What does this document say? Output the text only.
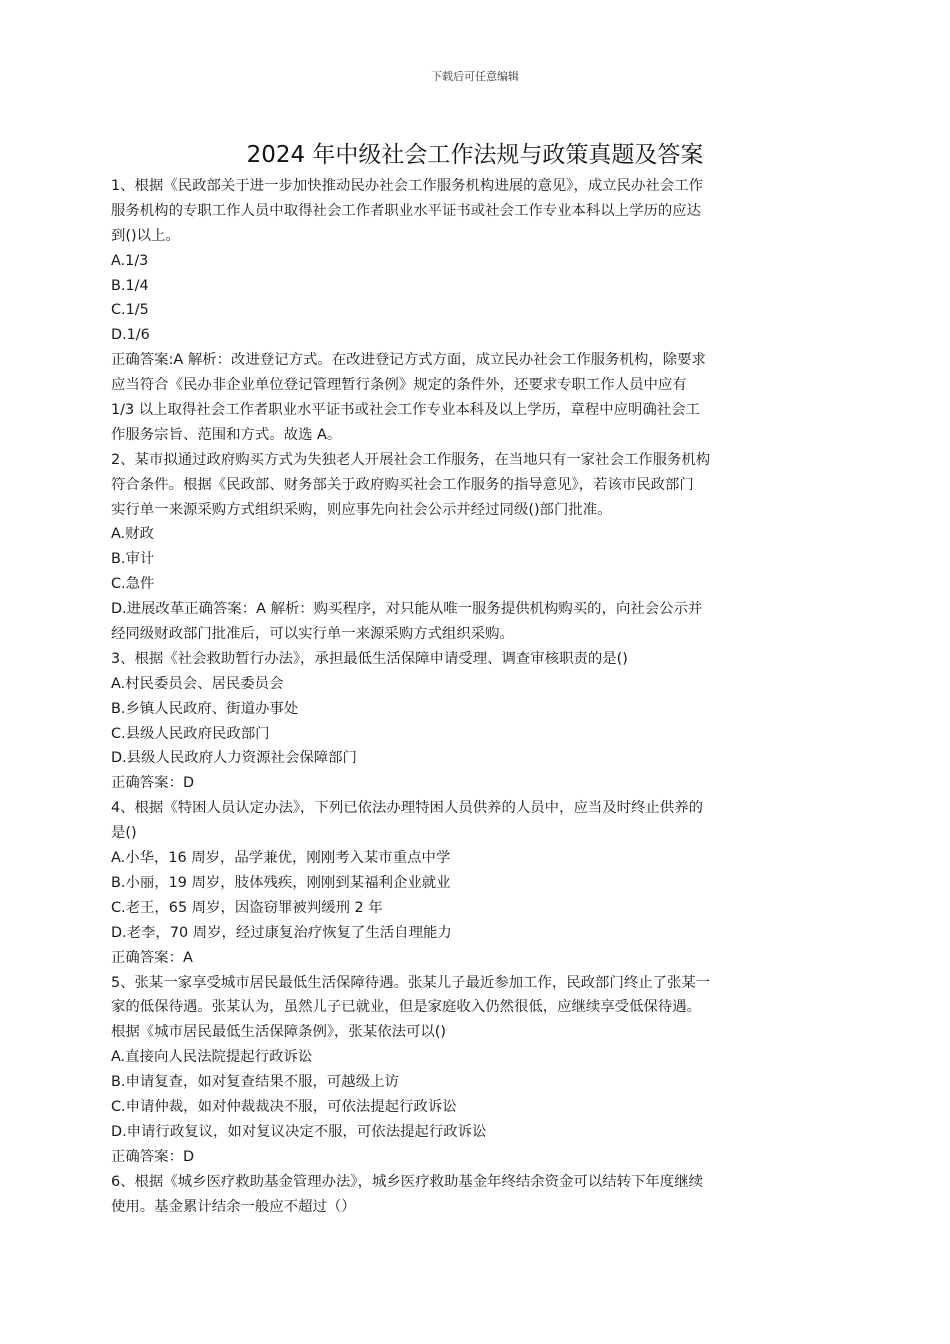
下载后可任意编辑
2024 年中级社会工作法规与政策真题及答案
1、根据《民政部关于进一步加快推动民办社会工作服务机构进展的意见》，成立民办社会工作
服务机构的专职工作人员中取得社会工作者职业水平证书或社会工作专业本科以上学历的应达
到()以上。
A.1/3
B.1/4
C.1/5
D.1/6
正确答案:A 解析：改进登记方式。在改进登记方式方面，成立民办社会工作服务机构，除要求
应当符合《民办非企业单位登记管理暂行条例》规定的条件外，还要求专职工作人员中应有
1/3 以上取得社会工作者职业水平证书或社会工作专业本科及以上学历，章程中应明确社会工
作服务宗旨、范围和方式。故选 A。
2、某市拟通过政府购买方式为失独老人开展社会工作服务，在当地只有一家社会工作服务机构
符合条件。根据《民政部、财务部关于政府购买社会工作服务的指导意见》，若该市民政部门
实行单一来源采购方式组织采购，则应事先向社会公示并经过同级()部门批准。
A.财政
B.审计
C.急件
D.进展改革正确答案：A 解析：购买程序，对只能从唯一服务提供机构购买的，向社会公示并
经同级财政部门批准后，可以实行单一来源采购方式组织采购。
3、根据《社会救助暂行办法》，承担最低生活保障申请受理、调查审核职责的是()
A.村民委员会、居民委员会
B.乡镇人民政府、街道办事处
C.县级人民政府民政部门
D.县级人民政府人力资源社会保障部门
正确答案：D
4、根据《特困人员认定办法》，下列已依法办理特困人员供养的人员中，应当及时终止供养的
是()
A.小华，16 周岁，品学兼优，刚刚考入某市重点中学
B.小丽，19 周岁，肢体残疾，刚刚到某福利企业就业
C.老王，65 周岁，因盗窃罪被判缓刑 2 年
D.老李，70 周岁，经过康复治疗恢复了生活自理能力
正确答案：A
5、张某一家享受城市居民最低生活保障待遇。张某儿子最近参加工作，民政部门终止了张某一
家的低保待遇。张某认为，虽然儿子已就业，但是家庭收入仍然很低，应继续享受低保待遇。
根据《城市居民最低生活保障条例》，张某依法可以()
A.直接向人民法院提起行政诉讼
B.申请复查，如对复查结果不服，可越级上访
C.申请仲裁，如对仲裁裁决不服，可依法提起行政诉讼
D.申请行政复议，如对复议决定不服，可依法提起行政诉讼
正确答案：D
6、根据《城乡医疗救助基金管理办法》，城乡医疗救助基金年终结余资金可以结转下年度继续
使用。基金累计结余一般应不超过（）
